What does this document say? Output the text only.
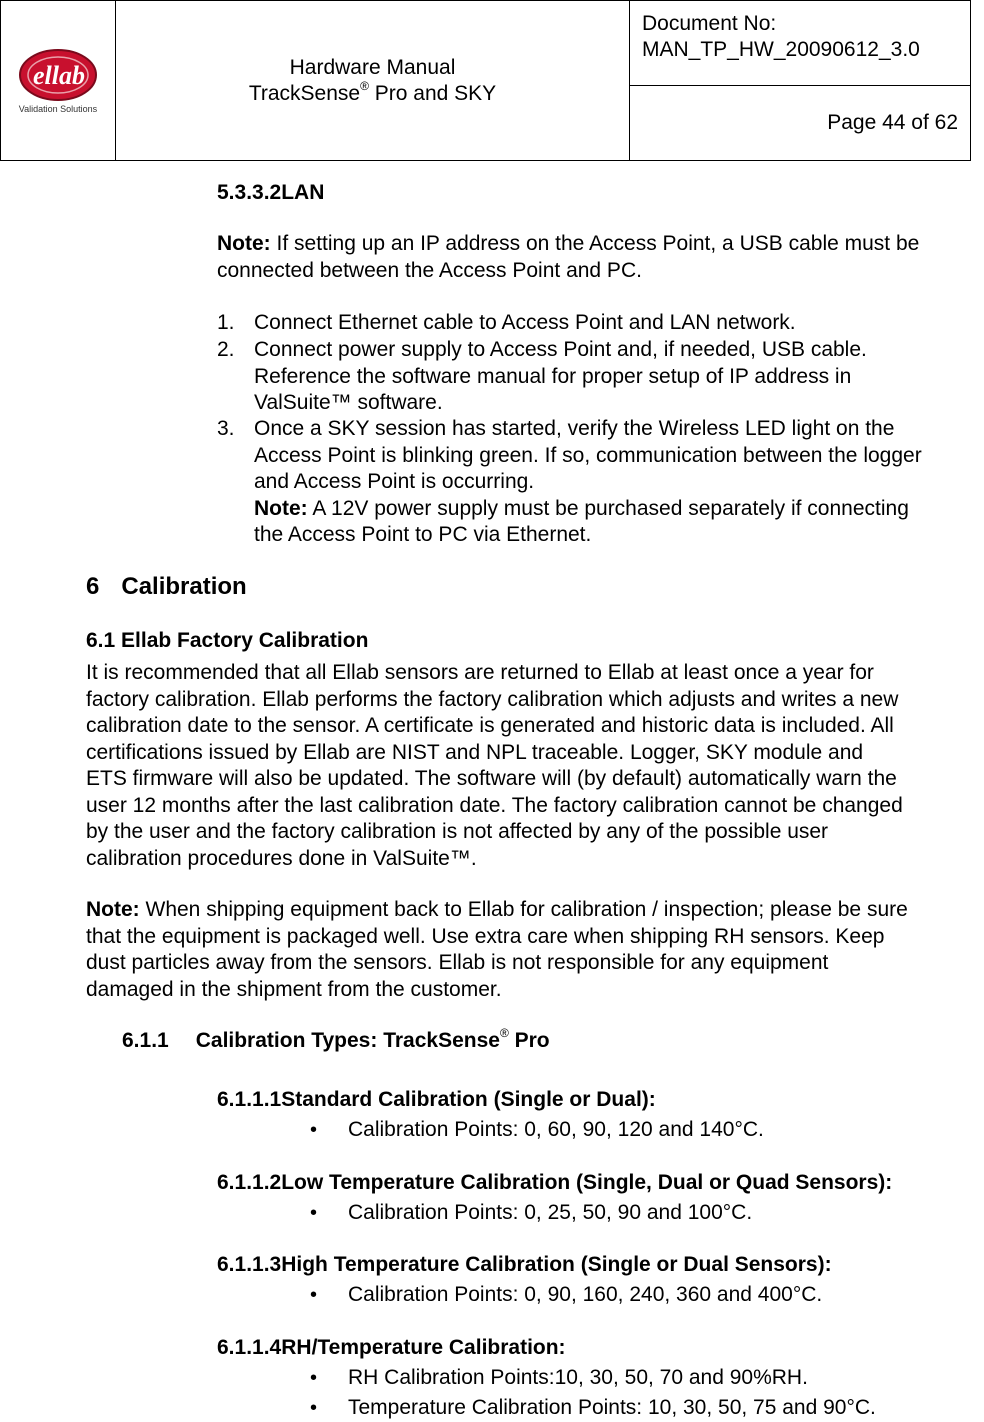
ellab
Validation Solutions

Hardware Manual
TrackSense® Pro and SKY

Document No:
MAN_TP_HW_20090612_3.0

Page 44 of 62
5.3.3.2LAN
Note: If setting up an IP address on the Access Point, a USB cable must be
connected between the Access Point and PC.
1. Connect Ethernet cable to Access Point and LAN network.
2. Connect power supply to Access Point and, if needed, USB cable.
Reference the software manual for proper setup of IP address in
ValSuite™ software.
3. Once a SKY session has started, verify the Wireless LED light on the
Access Point is blinking green. If so, communication between the logger
and Access Point is occurring.
Note: A 12V power supply must be purchased separately if connecting
the Access Point to PC via Ethernet.
6 Calibration
6.1 Ellab Factory Calibration
It is recommended that all Ellab sensors are returned to Ellab at least once a year for
factory calibration. Ellab performs the factory calibration which adjusts and writes a new
calibration date to the sensor. A certificate is generated and historic data is included. All
certifications issued by Ellab are NIST and NPL traceable. Logger, SKY module and
ETS firmware will also be updated. The software will (by default) automatically warn the
user 12 months after the last calibration date. The factory calibration cannot be changed
by the user and the factory calibration is not affected by any of the possible user
calibration procedures done in ValSuite™.
Note: When shipping equipment back to Ellab for calibration / inspection; please be sure
that the equipment is packaged well. Use extra care when shipping RH sensors. Keep
dust particles away from the sensors. Ellab is not responsible for any equipment
damaged in the shipment from the customer.
6.1.1 Calibration Types: TrackSense® Pro
6.1.1.1Standard Calibration (Single or Dual):
• Calibration Points: 0, 60, 90, 120 and 140°C.
6.1.1.2Low Temperature Calibration (Single, Dual or Quad Sensors):
• Calibration Points: 0, 25, 50, 90 and 100°C.
6.1.1.3High Temperature Calibration (Single or Dual Sensors):
• Calibration Points: 0, 90, 160, 240, 360 and 400°C.
6.1.1.4RH/Temperature Calibration:
• RH Calibration Points:10, 30, 50, 70 and 90%RH.
• Temperature Calibration Points: 10, 30, 50, 75 and 90°C.
